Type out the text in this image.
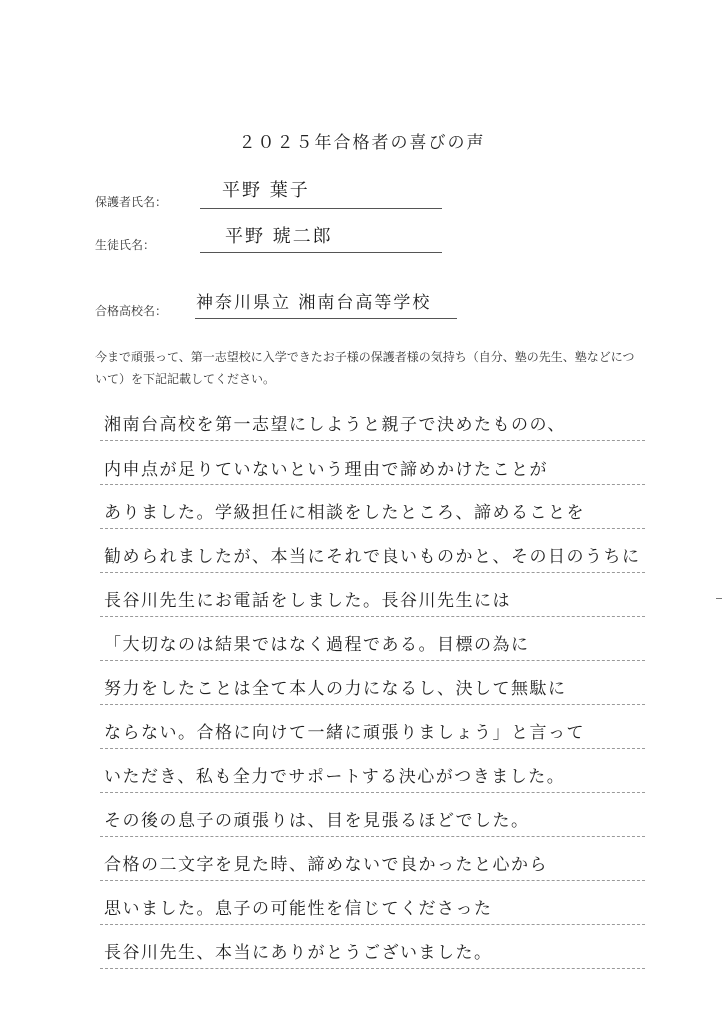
２０２５年合格者の喜びの声
保護者氏名：
平野 葉子
生徒氏名：	平野 琥二郎
合格高校名： 神奈川県立 湘南台高等学校
今まで頑張って、第一志望校に入学できたお子様の保護者様の気持ち（自分、塾の先生、塾などについて）を下記記載してください。
湘南台高校を第一志望にしようと親子で決めたものの、
内申点が足りていないという理由で諦めかけたことが
ありました。学級担任に相談をしたところ、諦めることを
勧められましたが、本当にそれで良いものかと、その日のうちに
長谷川先生にお電話をしました。長谷川先生には
「大切なのは結果ではなく過程である。目標の為に
努力をしたことは全て本人の力になるし、決して無駄に
ならない。合格に向けて一緒に頑張りましょう」と言って
いただき、私も全力でサポートする決心がつきました。
その後の息子の頑張りは、目を見張るほどでした。
合格の二文字を見た時、諦めないで良かったと心から
思いました。息子の可能性を信じてくださった
長谷川先生、本当にありがとうございました。
